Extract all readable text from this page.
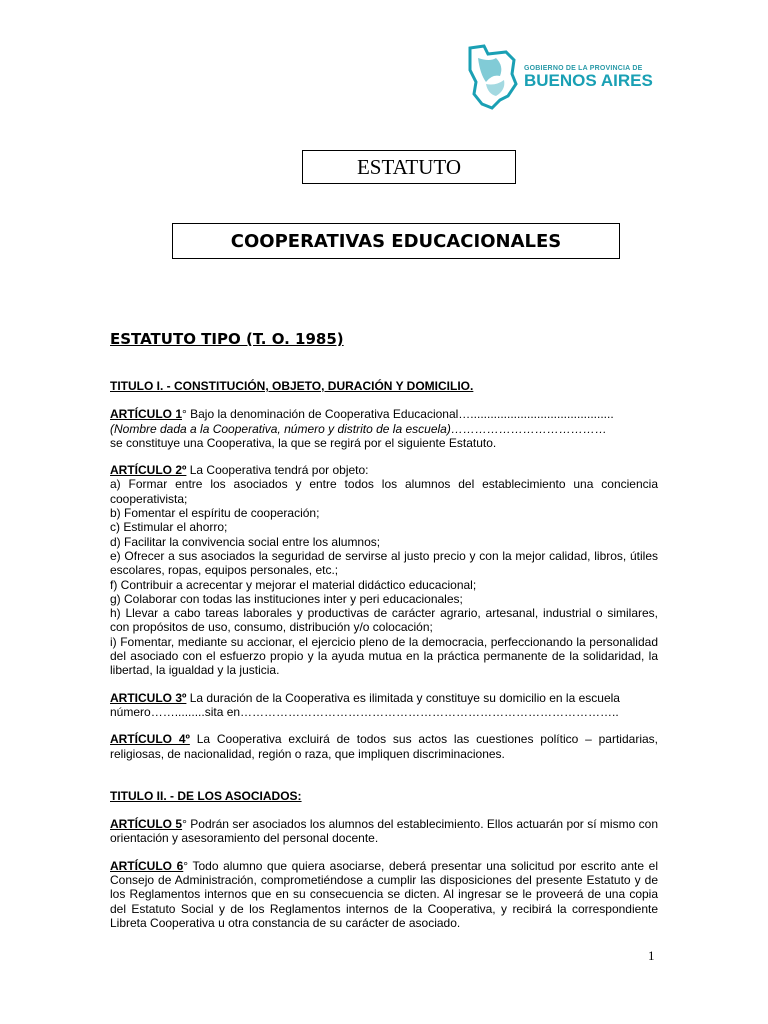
GOBIERNO DE LA PROVINCIA DE
BUENOS AIRES
ESTATUTO
COOPERATIVAS EDUCACIONALES
ESTATUTO TIPO (T. O. 1985)
TITULO I. - CONSTITUCIÓN, OBJETO, DURACIÓN Y DOMICILIO.
ARTÍCULO 1° Bajo la denominación de Cooperativa Educacional…...........................................
(Nombre dada a la Cooperativa, número y distrito de la escuela)…………………………………
se constituye una Cooperativa, la que se regirá por el siguiente Estatuto.
ARTÍCULO 2º La Cooperativa tendrá por objeto:
a) Formar entre los asociados y entre todos los alumnos del establecimiento una conciencia cooperativista;
b) Fomentar el espíritu de cooperación;
c) Estimular el ahorro;
d) Facilitar la convivencia social entre los alumnos;
e) Ofrecer a sus asociados la seguridad de servirse al justo precio y con la mejor calidad, libros, útiles escolares, ropas, equipos personales, etc.;
f) Contribuir a acrecentar y mejorar el material didáctico educacional;
g) Colaborar con todas las instituciones inter y peri educacionales;
h) Llevar a cabo tareas laborales y productivas de carácter agrario, artesanal, industrial o similares, con propósitos de uso, consumo, distribución y/o colocación;
i) Fomentar, mediante su accionar, el ejercicio pleno de la democracia, perfeccionando la personalidad del asociado con el esfuerzo propio y la ayuda mutua en la práctica permanente de la solidaridad, la libertad, la igualdad y la justicia.
ARTICULO 3º La duración de la Cooperativa es ilimitada y constituye su domicilio en la escuela
número…….........sita en…………………………………………………………………………………..
ARTÍCULO 4º La Cooperativa excluirá de todos sus actos las cuestiones político – partidarias, religiosas, de nacionalidad, región o raza, que impliquen discriminaciones.
TITULO II. - DE LOS ASOCIADOS:
ARTÍCULO 5° Podrán ser asociados los alumnos del establecimiento. Ellos actuarán por sí mismo con orientación y asesoramiento del personal docente.
ARTÍCULO 6° Todo alumno que quiera asociarse, deberá presentar una solicitud por escrito ante el Consejo de Administración, comprometiéndose a cumplir las disposiciones del presente Estatuto y de los Reglamentos internos que en su consecuencia se dicten. Al ingresar se le proveerá de una copia del Estatuto Social y de los Reglamentos internos de la Cooperativa, y recibirá la correspondiente Libreta Cooperativa u otra constancia de su carácter de asociado.
1
